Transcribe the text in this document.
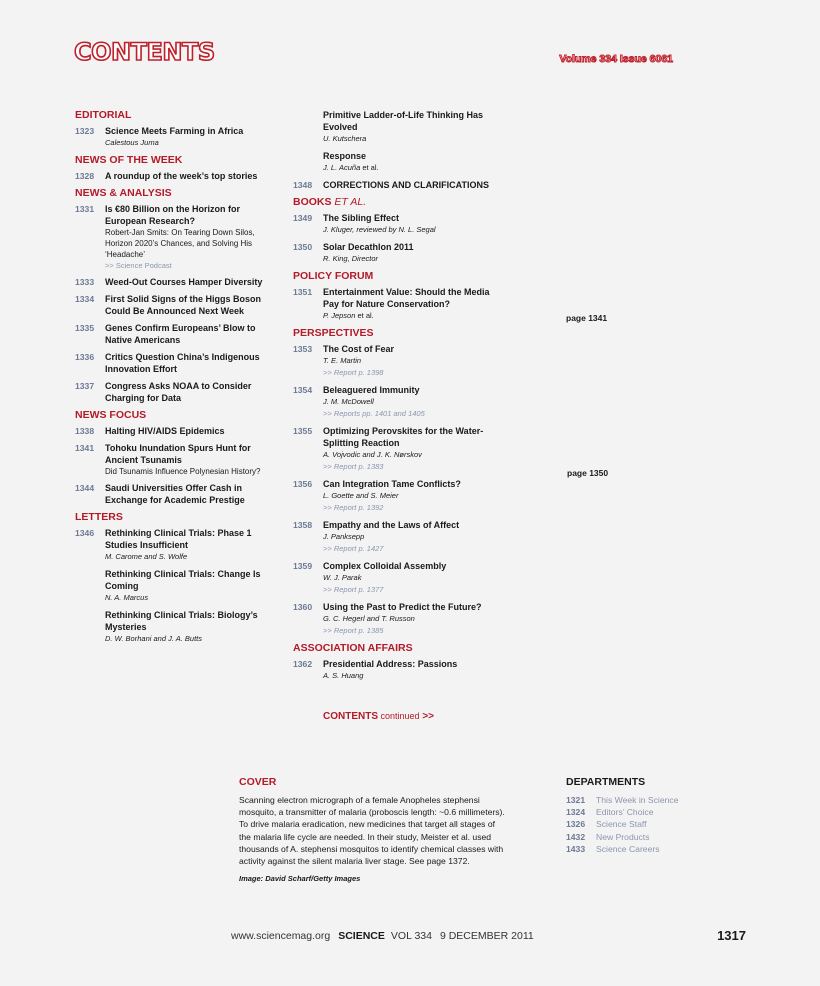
CONTENTS	Volume 334 Issue 6061
EDITORIAL
1323	Science Meets Farming in Africa
Calestous Juma
NEWS OF THE WEEK
1328	A roundup of the week’s top stories
NEWS & ANALYSIS
1331	Is €80 Billion on the Horizon for European Research?
Robert-Jan Smits: On Tearing Down Silos, Horizon 2020’s Chances, and Solving His ‘Headache’
>> Science Podcast
1333	Weed-Out Courses Hamper Diversity
1334	First Solid Signs of the Higgs Boson Could Be Announced Next Week
1335	Genes Confirm Europeans’ Blow to Native Americans
1336	Critics Question China’s Indigenous Innovation Effort
1337	Congress Asks NOAA to Consider Charging for Data
NEWS FOCUS
1338	Halting HIV/AIDS Epidemics
1341	Tohoku Inundation Spurs Hunt for Ancient Tsunamis
Did Tsunamis Influence Polynesian History?
1344	Saudi Universities Offer Cash in Exchange for Academic Prestige
LETTERS
1346	Rethinking Clinical Trials: Phase 1 Studies Insufficient
M. Carome and S. Wolfe
Rethinking Clinical Trials: Change Is Coming
N. A. Marcus
Rethinking Clinical Trials: Biology’s Mysteries
D. W. Borhani and J. A. Butts
Primitive Ladder-of-Life Thinking Has Evolved
U. Kutschera
Response
J. L. Acuña et al.
1348	CORRECTIONS AND CLARIFICATIONS
BOOKS ET AL.
1349	The Sibling Effect
J. Kluger, reviewed by N. L. Segal
1350	Solar Decathlon 2011
R. King, Director
POLICY FORUM
1351	Entertainment Value: Should the Media Pay for Nature Conservation?
P. Jepson et al.
PERSPECTIVES
1353	The Cost of Fear
T. E. Martin
>> Report p. 1398
1354	Beleaguered Immunity
J. M. McDowell
>> Reports pp. 1401 and 1405
1355	Optimizing Perovskites for the Water-Splitting Reaction
A. Vojvodic and J. K. Nørskov
>> Report p. 1383
1356	Can Integration Tame Conflicts?
L. Goette and S. Meier
>> Report p. 1392
1358	Empathy and the Laws of Affect
J. Panksepp
>> Report p. 1427
1359	Complex Colloidal Assembly
W. J. Parak
>> Report p. 1377
1360	Using the Past to Predict the Future?
G. C. Hegerl and T. Russon
>> Report p. 1385
ASSOCIATION AFFAIRS
1362	Presidential Address: Passions
A. S. Huang
CONTENTS continued >>
page 1341
page 1350
COVER
Scanning electron micrograph of a female Anopheles stephensi mosquito, a transmitter of malaria (proboscis length: ~0.6 millimeters). To drive malaria eradication, new medicines that target all stages of the malaria life cycle are needed. In their study, Meister et al. used thousands of A. stephensi mosquitos to identify chemical classes with activity against the silent malaria liver stage. See page 1372.
Image: David Scharf/Getty Images
DEPARTMENTS
1321	This Week in Science
1324	Editors’ Choice
1326	Science Staff
1432	New Products
1433	Science Careers
www.sciencemag.org SCIENCE VOL 334 9 DECEMBER 2011	1317
